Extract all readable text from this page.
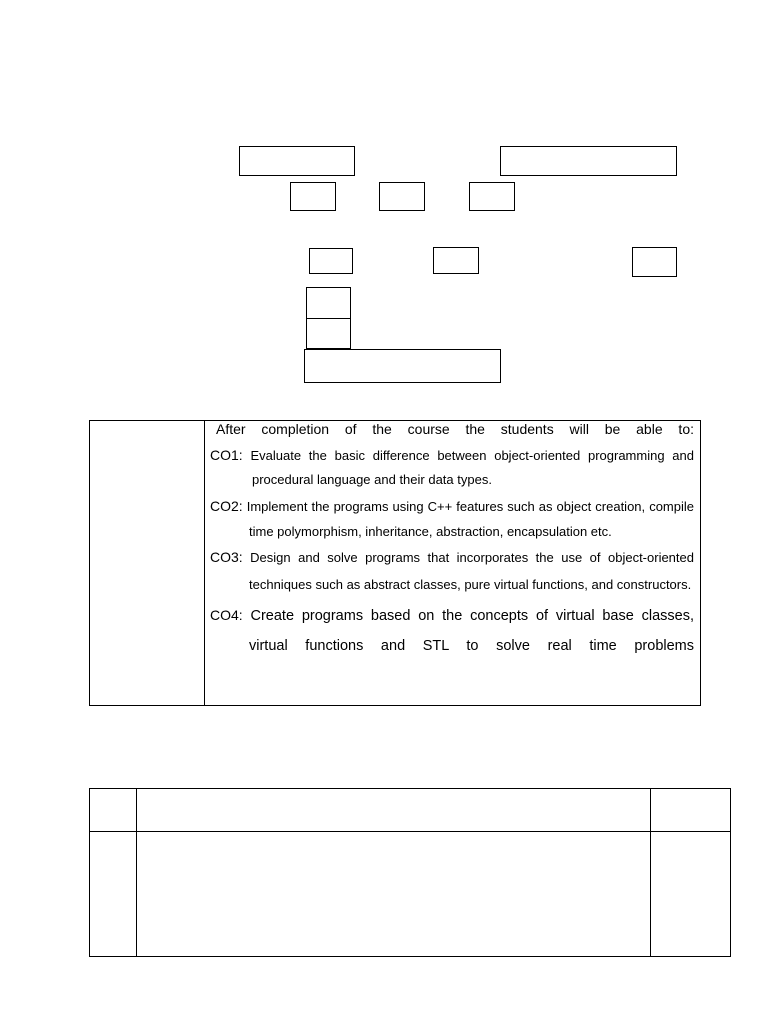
After completion of the course the students will be able to:

CO1: Evaluate the basic difference between object-oriented programming and procedural language and their data types.

CO2: Implement the programs using C++ features such as object creation, compile time polymorphism, inheritance, abstraction, encapsulation etc.

CO3: Design and solve programs that incorporates the use of object-oriented techniques such as abstract classes, pure virtual functions, and constructors.

CO4: Create programs based on the concepts of virtual base classes, virtual functions and STL to solve real time problems
